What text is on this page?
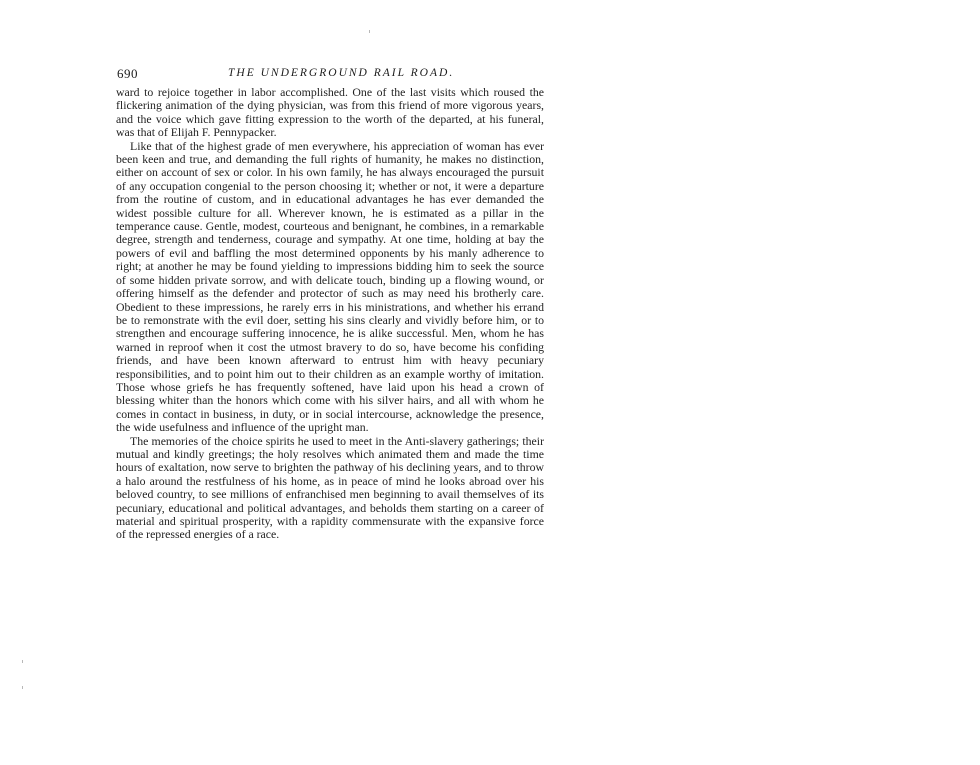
690	THE UNDERGROUND RAIL ROAD.

ward to rejoice together in labor accomplished. One of the last visits which roused the flickering animation of the dying physician, was from this friend of more vigorous years, and the voice which gave fitting expression to the worth of the departed, at his funeral, was that of Elijah F. Pennypacker.

Like that of the highest grade of men everywhere, his appreciation of woman has ever been keen and true, and demanding the full rights of humanity, he makes no distinction, either on account of sex or color. In his own family, he has always encouraged the pursuit of any occupation congenial to the person choosing it; whether or not, it were a departure from the routine of custom, and in educational advantages he has ever demanded the widest possible culture for all. Wherever known, he is estimated as a pillar in the temperance cause. Gentle, modest, courteous and benignant, he combines, in a remarkable degree, strength and tenderness, courage and sympathy. At one time, holding at bay the powers of evil and baffling the most determined opponents by his manly adherence to right; at another he may be found yielding to impressions bidding him to seek the source of some hidden private sorrow, and with delicate touch, binding up a flowing wound, or offering himself as the defender and protector of such as may need his brotherly care. Obedient to these impressions, he rarely errs in his ministrations, and whether his errand be to remonstrate with the evil doer, setting his sins clearly and vividly before him, or to strengthen and encourage suffering innocence, he is alike successful. Men, whom he has warned in reproof when it cost the utmost bravery to do so, have become his confiding friends, and have been known afterward to entrust him with heavy pecuniary responsibilities, and to point him out to their children as an example worthy of imitation. Those whose griefs he has frequently softened, have laid upon his head a crown of blessing whiter than the honors which come with his silver hairs, and all with whom he comes in contact in business, in duty, or in social intercourse, acknowledge the presence, the wide usefulness and influence of the upright man.

The memories of the choice spirits he used to meet in the Anti-slavery gatherings; their mutual and kindly greetings; the holy resolves which animated them and made the time hours of exaltation, now serve to brighten the pathway of his declining years, and to throw a halo around the restfulness of his home, as in peace of mind he looks abroad over his beloved country, to see millions of enfranchised men beginning to avail themselves of its pecuniary, educational and political advantages, and beholds them starting on a career of material and spiritual prosperity, with a rapidity commensurate with the expansive force of the repressed energies of a race.
